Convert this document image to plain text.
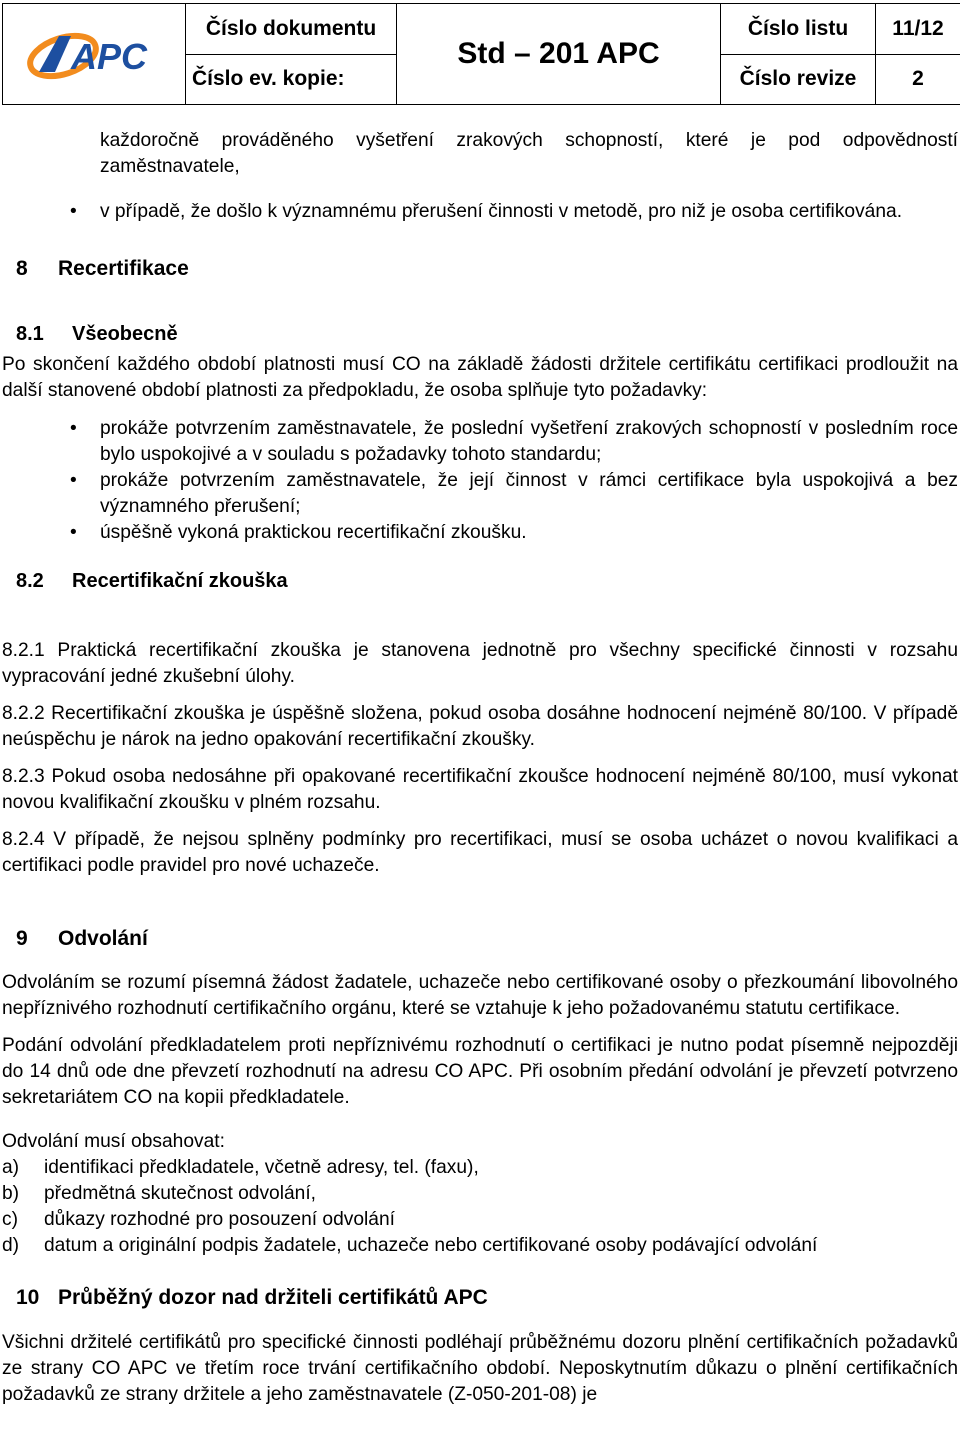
APC	Číslo dokumentu	Std – 201 APC	Číslo listu	11/12
	Číslo ev. kopie:		Číslo revize	2

každoročně prováděného vyšetření zrakových schopností, které je pod odpovědností zaměstnavatele,

• v případě, že došlo k významnému přerušení činnosti v metodě, pro niž je osoba certifikována.
8 Recertifikace
8.1 Všeobecně

Po skončení každého období platnosti musí CO na základě žádosti držitele certifikátu certifikaci prodloužit na další stanovené období platnosti za předpokladu, že osoba splňuje tyto požadavky:

• prokáže potvrzením zaměstnavatele, že poslední vyšetření zrakových schopností v posledním roce bylo uspokojivé a v souladu s požadavky tohoto standardu;
• prokáže potvrzením zaměstnavatele, že její činnost v rámci certifikace byla uspokojivá a bez významného přerušení;
• úspěšně vykoná praktickou recertifikační zkoušku.
8.2 Recertifikační zkouška

8.2.1 Praktická recertifikační zkouška je stanovena jednotně pro všechny specifické činnosti v rozsahu vypracování jedné zkušební úlohy.

8.2.2 Recertifikační zkouška je úspěšně složena, pokud osoba dosáhne hodnocení nejméně 80/100. V případě neúspěchu je nárok na jedno opakování recertifikační zkoušky.

8.2.3 Pokud osoba nedosáhne při opakované recertifikační zkoušce hodnocení nejméně 80/100, musí vykonat novou kvalifikační zkoušku v plném rozsahu.

8.2.4 V případě, že nejsou splněny podmínky pro recertifikaci, musí se osoba ucházet o novou kvalifikaci a certifikaci podle pravidel pro nové uchazeče.

9 Odvolání

Odvoláním se rozumí písemná žádost žadatele, uchazeče nebo certifikované osoby o přezkoumání libovolného nepříznivého rozhodnutí certifikačního orgánu, které se vztahuje k jeho požadovanému statutu certifikace.

Podání odvolání předkladatelem proti nepříznivému rozhodnutí o certifikaci je nutno podat písemně nejpozději do 14 dnů ode dne převzetí rozhodnutí na adresu CO APC. Při osobním předání odvolání je převzetí potvrzeno sekretariátem CO na kopii předkladatele.

Odvolání musí obsahovat:

a) identifikaci předkladatele, včetně adresy, tel. (faxu),
b) předmětná skutečnost odvolání,
c) důkazy rozhodné pro posouzení odvolání
d) datum a originální podpis žadatele, uchazeče nebo certifikované osoby podávající odvolání
10 Průběžný dozor nad držiteli certifikátů APC

Všichni držitelé certifikátů pro specifické činnosti podléhají průběžnému dozoru plnění certifikačních požadavků ze strany CO APC ve třetím roce trvání certifikačního období. Neposkytnutím důkazu o plnění certifikačních požadavků ze strany držitele a jeho zaměstnavatele (Z-050-201-08) je
